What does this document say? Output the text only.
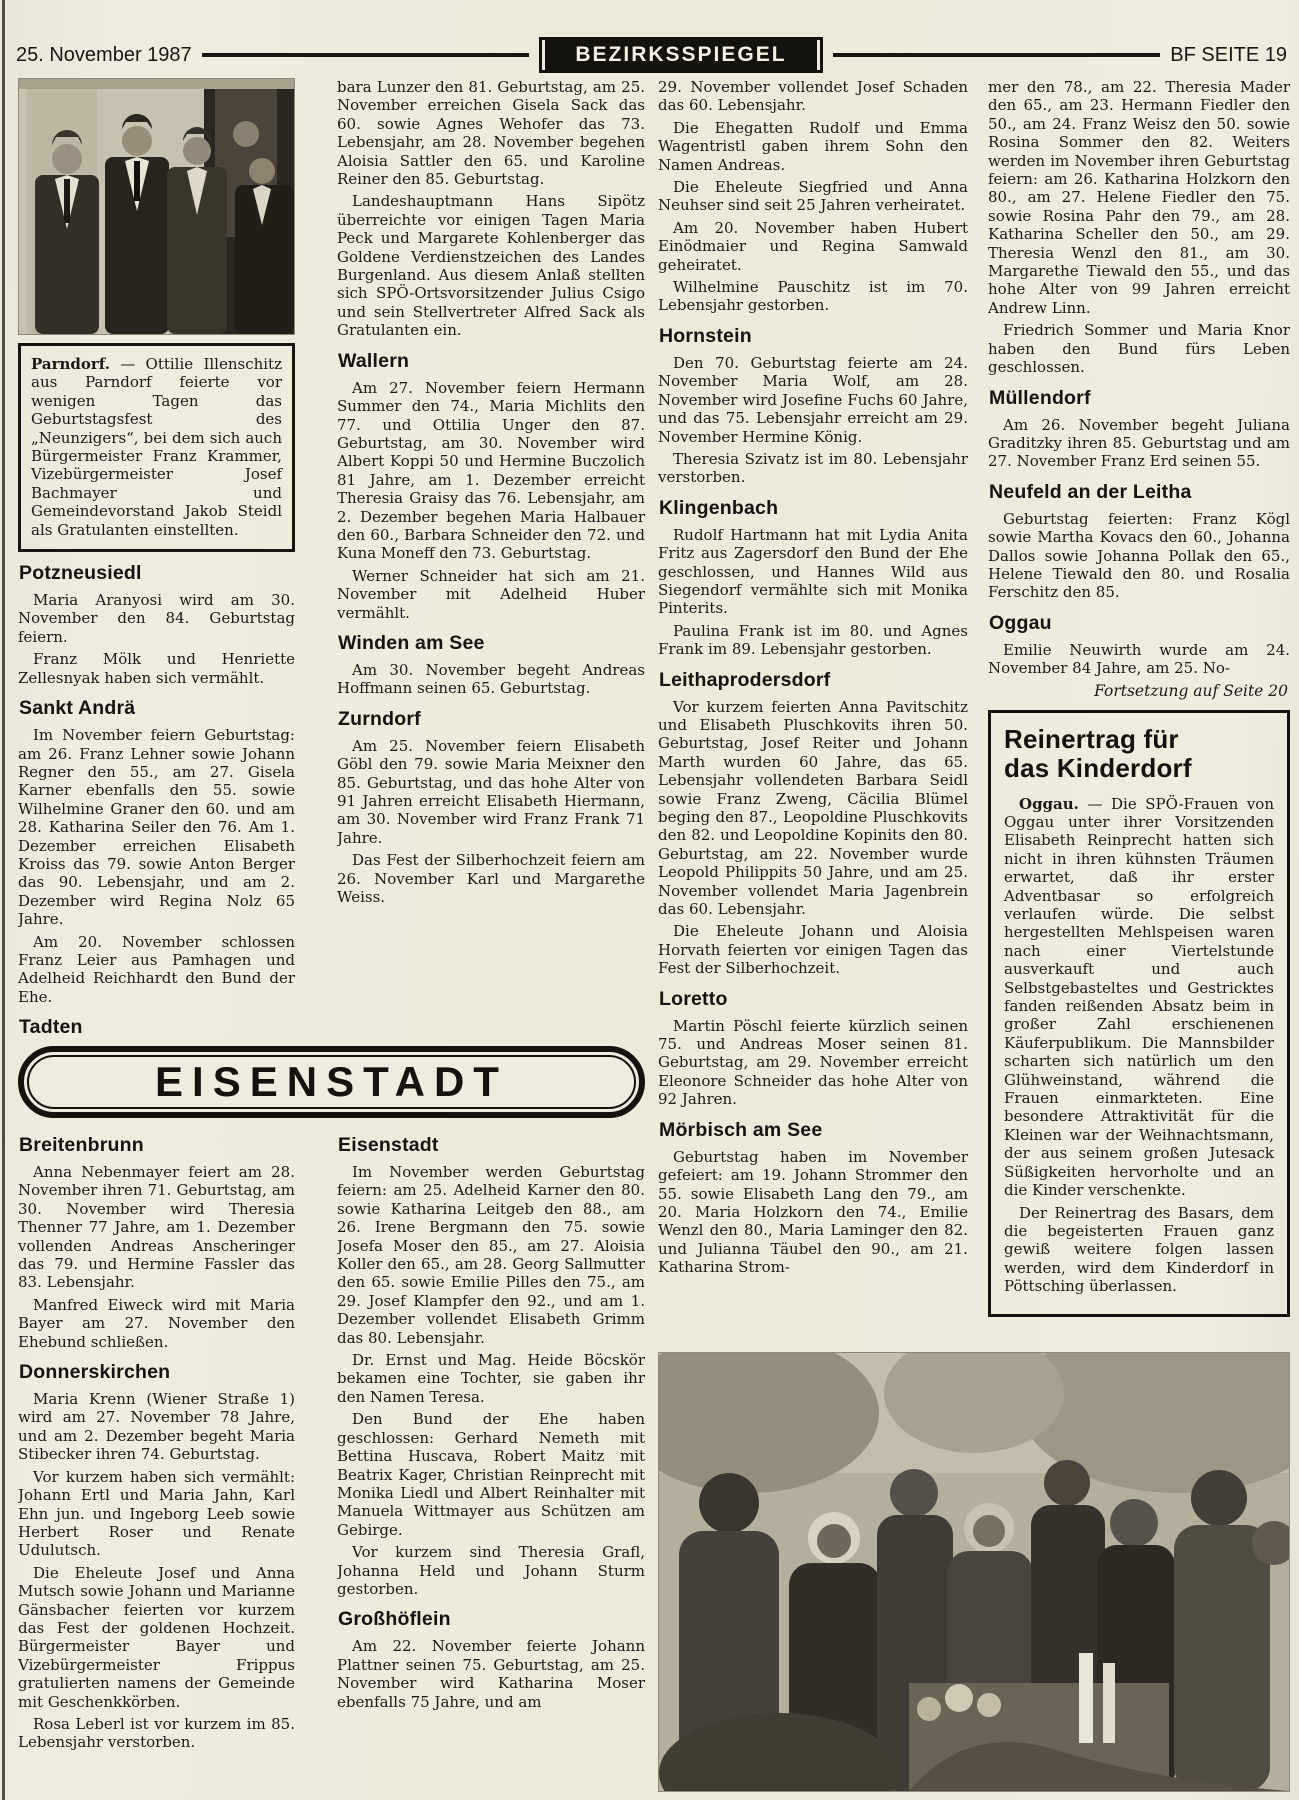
25. November 1987	BEZIRKSSPIEGEL	BF SEITE 19

Parndorf. — Ottilie Illenschitz aus Parndorf feierte vor wenigen Tagen das Geburtstagsfest des „Neunzigers“, bei dem sich auch Bürgermeister Franz Krammer, Vizebürgermeister Josef Bachmayer und Gemeindevorstand Jakob Steidl als Gratulanten einstellten.

Potzneusiedl

Maria Aranyosi wird am 30. November den 84. Geburtstag feiern.

Franz Mölk und Henriette Zellesnyak haben sich vermählt.

Sankt Andrä

Im November feiern Geburtstag: am 26. Franz Lehner sowie Johann Regner den 55., am 27. Gisela Karner ebenfalls den 55. sowie Wilhelmine Graner den 60. und am 28. Katharina Seiler den 76. Am 1. Dezember erreichen Elisabeth Kroiss das 79. sowie Anton Berger das 90. Lebensjahr, und am 2. Dezember wird Regina Nolz 65 Jahre.

Am 20. November schlossen Franz Leier aus Pamhagen und Adelheid Reichhardt den Bund der Ehe.

Tadten

bara Lunzer den 81. Geburtstag, am 25. November erreichen Gisela Sack das 60. sowie Agnes Wehofer das 73. Lebensjahr, am 28. November begehen Aloisia Sattler den 65. und Karoline Reiner den 85. Geburtstag.

Landeshauptmann Hans Sipötz überreichte vor einigen Tagen Maria Peck und Margarete Kohlenberger das Goldene Verdienstzeichen des Landes Burgenland. Aus diesem Anlaß stellten sich SPÖ-Ortsvorsitzender Julius Csigo und sein Stellvertreter Alfred Sack als Gratulanten ein.

Wallern

Am 27. November feiern Hermann Summer den 74., Maria Michlits den 77. und Ottilia Unger den 87. Geburtstag, am 30. November wird Albert Koppi 50 und Hermine Buczolich 81 Jahre, am 1. Dezember erreicht Theresia Graisy das 76. Lebensjahr, am 2. Dezember begehen Maria Halbauer den 60., Barbara Schneider den 72. und Kuna Moneff den 73. Geburtstag.

Werner Schneider hat sich am 21. November mit Adelheid Huber vermählt.

Winden am See

Am 30. November begeht Andreas Hoffmann seinen 65. Geburtstag.

Zurndorf

Am 25. November feiern Elisabeth Göbl den 79. sowie Maria Meixner den 85. Geburtstag, und das hohe Alter von 91 Jahren erreicht Elisabeth Hiermann, am 30. November wird Franz Frank 71 Jahre.

Das Fest der Silberhochzeit feiern am 26. November Karl und Margarethe Weiss.

29. November vollendet Josef Schaden das 60. Lebensjahr.

Die Ehegatten Rudolf und Emma Wagentristl gaben ihrem Sohn den Namen Andreas.

Die Eheleute Siegfried und Anna Neuhser sind seit 25 Jahren verheiratet.

Am 20. November haben Hubert Einödmaier und Regina Samwald geheiratet.

Wilhelmine Pauschitz ist im 70. Lebensjahr gestorben.

Hornstein

Den 70. Geburtstag feierte am 24. November Maria Wolf, am 28. November wird Josefine Fuchs 60 Jahre, und das 75. Lebensjahr erreicht am 29. November Hermine König.

Theresia Szivatz ist im 80. Lebensjahr verstorben.

Klingenbach

Rudolf Hartmann hat mit Lydia Anita Fritz aus Zagersdorf den Bund der Ehe geschlossen, und Hannes Wild aus Siegendorf vermählte sich mit Monika Pinterits.

Paulina Frank ist im 80. und Agnes Frank im 89. Lebensjahr gestorben.

Leithaprodersdorf

Vor kurzem feierten Anna Pavitschitz und Elisabeth Pluschkovits ihren 50. Geburtstag, Josef Reiter und Johann Marth wurden 60 Jahre, das 65. Lebensjahr vollendeten Barbara Seidl sowie Franz Zweng, Cäcilia Blümel beging den 87., Leopoldine Pluschkovits den 82. und Leopoldine Kopinits den 80. Geburtstag, am 22. November wurde Leopold Philippits 50 Jahre, und am 25. November vollendet Maria Jagenbrein das 60. Lebensjahr.

Die Eheleute Johann und Aloisia Horvath feierten vor einigen Tagen das Fest der Silberhochzeit.

Loretto

Martin Pöschl feierte kürzlich seinen 75. und Andreas Moser seinen 81. Geburtstag, am 29. November erreicht Eleonore Schneider das hohe Alter von 92 Jahren.

Mörbisch am See

Geburtstag haben im November gefeiert: am 19. Johann Strommer den 55. sowie Elisabeth Lang den 79., am 20. Maria Holzkorn den 74., Emilie Wenzl den 80., Maria Laminger den 82. und Julianna Täubel den 90., am 21. Katharina Strom-

mer den 78., am 22. Theresia Mader den 65., am 23. Hermann Fiedler den 50., am 24. Franz Weisz den 50. sowie Rosina Sommer den 82. Weiters werden im November ihren Geburtstag feiern: am 26. Katharina Holzkorn den 80., am 27. Helene Fiedler den 75. sowie Rosina Pahr den 79., am 28. Katharina Scheller den 50., am 29. Theresia Wenzl den 81., am 30. Margarethe Tiewald den 55., und das hohe Alter von 99 Jahren erreicht Andrew Linn.

Friedrich Sommer und Maria Knor haben den Bund fürs Leben geschlossen.

Müllendorf

Am 26. November begeht Juliana Graditzky ihren 85. Geburtstag und am 27. November Franz Erd seinen 55.

Neufeld an der Leitha

Geburtstag feierten: Franz Kögl sowie Martha Kovacs den 60., Johanna Dallos sowie Johanna Pollak den 65., Helene Tiewald den 80. und Rosalia Ferschitz den 85.

Oggau

Emilie Neuwirth wurde am 24. November 84 Jahre, am 25. No-

Fortsetzung auf Seite 20

Reinertrag für
das Kinderdorf

Oggau. — Die SPÖ-Frauen von Oggau unter ihrer Vorsitzenden Elisabeth Reinprecht hatten sich nicht in ihren kühnsten Träumen erwartet, daß ihr erster Adventbasar so erfolgreich verlaufen würde. Die selbst hergestellten Mehlspeisen waren nach einer Viertelstunde ausverkauft und auch Selbstgebasteltes und Gestricktes fanden reißenden Absatz beim in großer Zahl erschienenen Käuferpublikum. Die Mannsbilder scharten sich natürlich um den Glühweinstand, während die Frauen einmarkteten. Eine besondere Attraktivität für die Kleinen war der Weihnachtsmann, der aus seinem großen Jutesack Süßigkeiten hervorholte und an die Kinder verschenkte.

Der Reinertrag des Basars, dem die begeisterten Frauen ganz gewiß weitere folgen lassen werden, wird dem Kinderdorf in Pöttsching überlassen.

EISENSTADT
Breitenbrunn

Anna Nebenmayer feiert am 28. November ihren 71. Geburtstag, am 30. November wird Theresia Thenner 77 Jahre, am 1. Dezember vollenden Andreas Anscheringer das 79. und Hermine Fassler das 83. Lebensjahr.

Manfred Eiweck wird mit Maria Bayer am 27. November den Ehebund schließen.

Donnerskirchen

Maria Krenn (Wiener Straße 1) wird am 27. November 78 Jahre, und am 2. Dezember begeht Maria Stibecker ihren 74. Geburtstag.

Vor kurzem haben sich vermählt: Johann Ertl und Maria Jahn, Karl Ehn jun. und Ingeborg Leeb sowie Herbert Roser und Renate Udulutsch.

Die Eheleute Josef und Anna Mutsch sowie Johann und Marianne Gänsbacher feierten vor kurzem das Fest der goldenen Hochzeit. Bürgermeister Bayer und Vizebürgermeister Frippus gratulierten namens der Gemeinde mit Geschenkkörben.

Rosa Leberl ist vor kurzem im 85. Lebensjahr verstorben.

Eisenstadt

Im November werden Geburtstag feiern: am 25. Adelheid Karner den 80. sowie Katharina Leitgeb den 88., am 26. Irene Bergmann den 75. sowie Josefa Moser den 85., am 27. Aloisia Koller den 65., am 28. Georg Sallmutter den 65. sowie Emilie Pilles den 75., am 29. Josef Klampfer den 92., und am 1. Dezember vollendet Elisabeth Grimm das 80. Lebensjahr.

Dr. Ernst und Mag. Heide Böcskör bekamen eine Tochter, sie gaben ihr den Namen Teresa.

Den Bund der Ehe haben geschlossen: Gerhard Nemeth mit Bettina Huscava, Robert Maitz mit Beatrix Kager, Christian Reinprecht mit Monika Liedl und Albert Reinhalter mit Manuela Wittmayer aus Schützen am Gebirge.

Vor kurzem sind Theresia Grafl, Johanna Held und Johann Sturm gestorben.

Großhöflein

Am 22. November feierte Johann Plattner seinen 75. Geburtstag, am 25. November wird Katharina Moser ebenfalls 75 Jahre, und am
